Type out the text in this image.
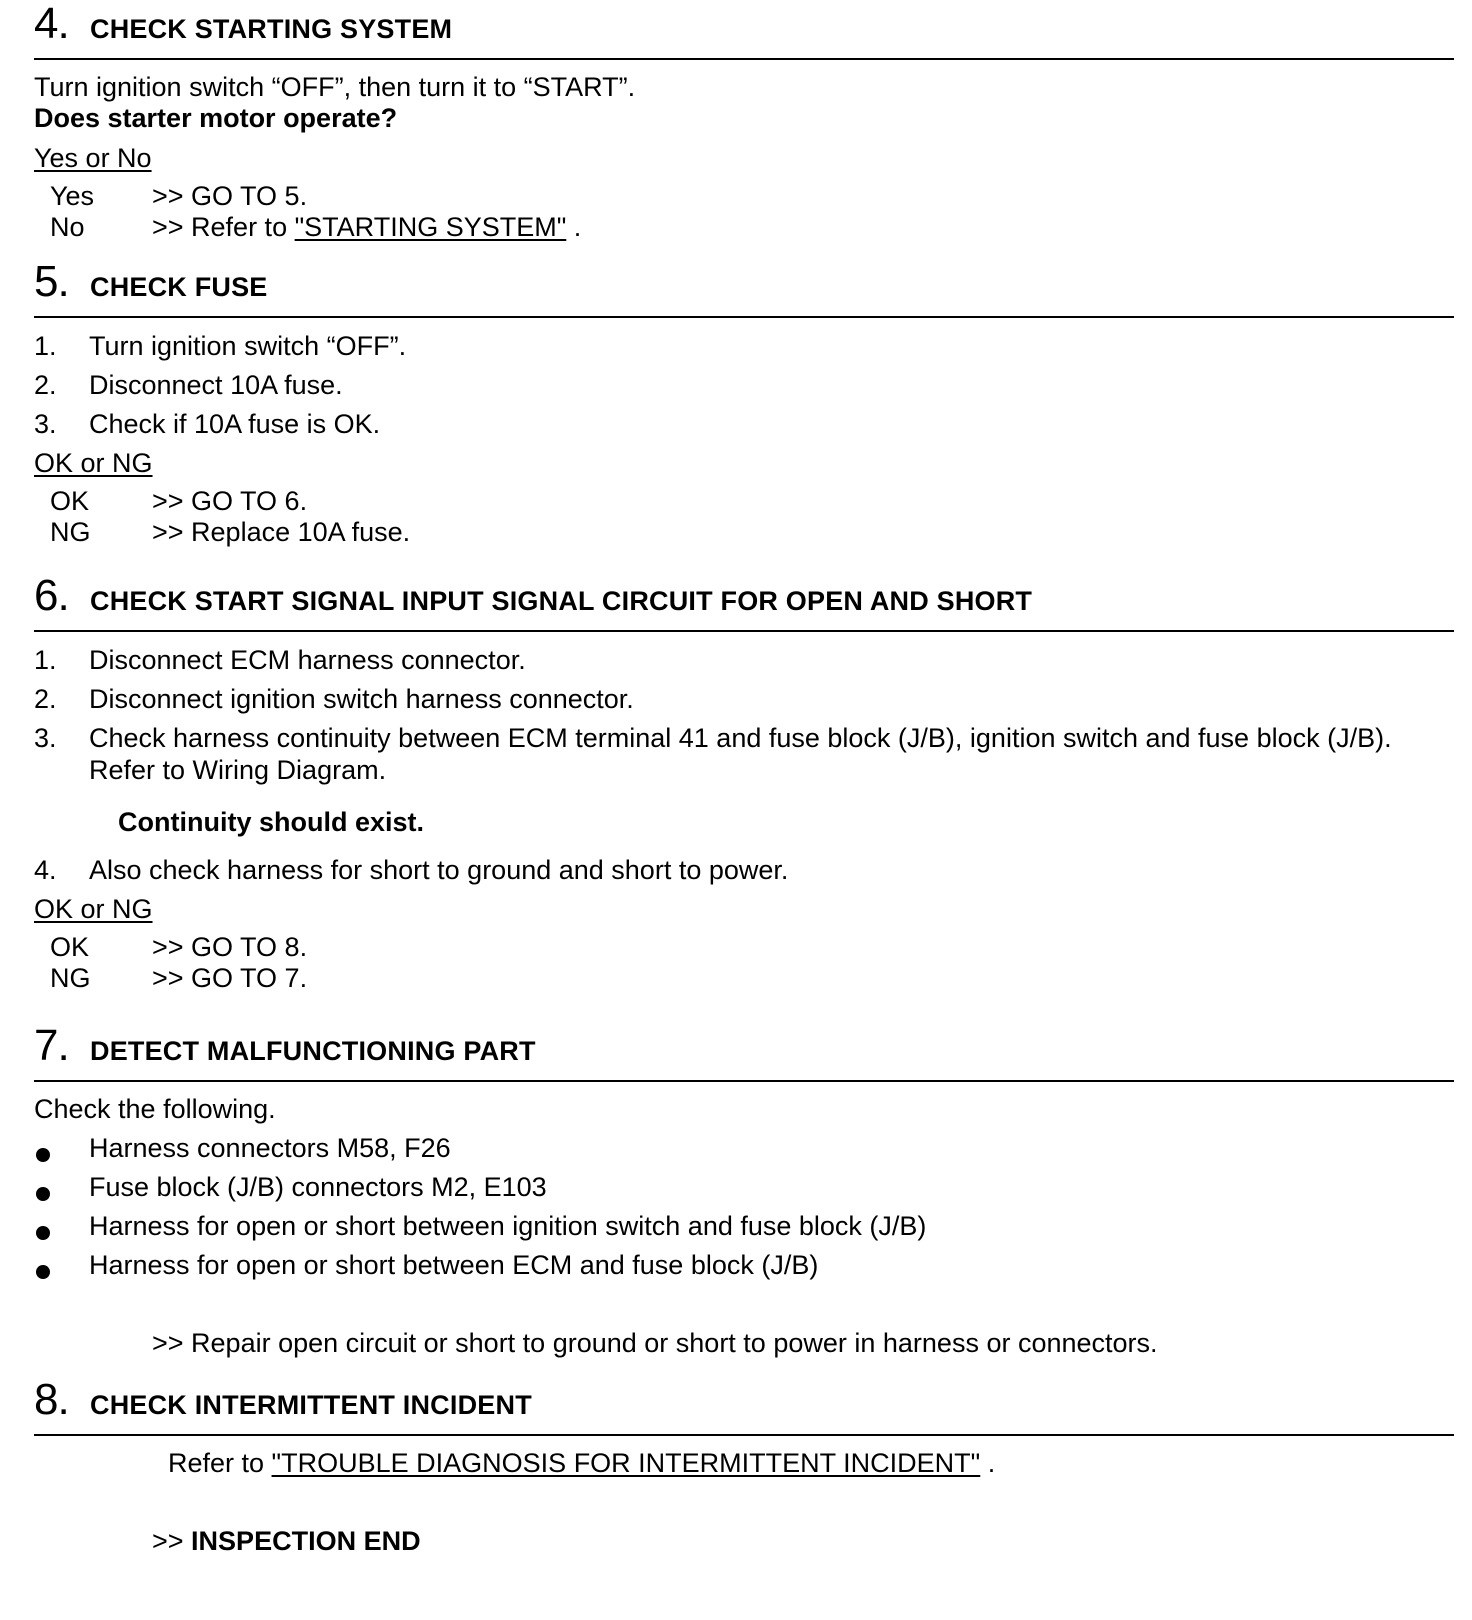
4. CHECK STARTING SYSTEM
Turn ignition switch “OFF”, then turn it to “START”.
Does starter motor operate?
Yes or No
Yes >> GO TO 5.
No >> Refer to "STARTING SYSTEM" .
5. CHECK FUSE
1. Turn ignition switch “OFF”.
2. Disconnect 10A fuse.
3. Check if 10A fuse is OK.
OK or NG
OK >> GO TO 6.
NG >> Replace 10A fuse.
6. CHECK START SIGNAL INPUT SIGNAL CIRCUIT FOR OPEN AND SHORT
1. Disconnect ECM harness connector.
2. Disconnect ignition switch harness connector.
3. Check harness continuity between ECM terminal 41 and fuse block (J/B), ignition switch and fuse block (J/B). Refer to Wiring Diagram.
Continuity should exist.
4. Also check harness for short to ground and short to power.
OK or NG
OK >> GO TO 8.
NG >> GO TO 7.
7. DETECT MALFUNCTIONING PART
Check the following.
Harness connectors M58, F26
Fuse block (J/B) connectors M2, E103
Harness for open or short between ignition switch and fuse block (J/B)
Harness for open or short between ECM and fuse block (J/B)
>> Repair open circuit or short to ground or short to power in harness or connectors.
8. CHECK INTERMITTENT INCIDENT
Refer to "TROUBLE DIAGNOSIS FOR INTERMITTENT INCIDENT" .
>> INSPECTION END
